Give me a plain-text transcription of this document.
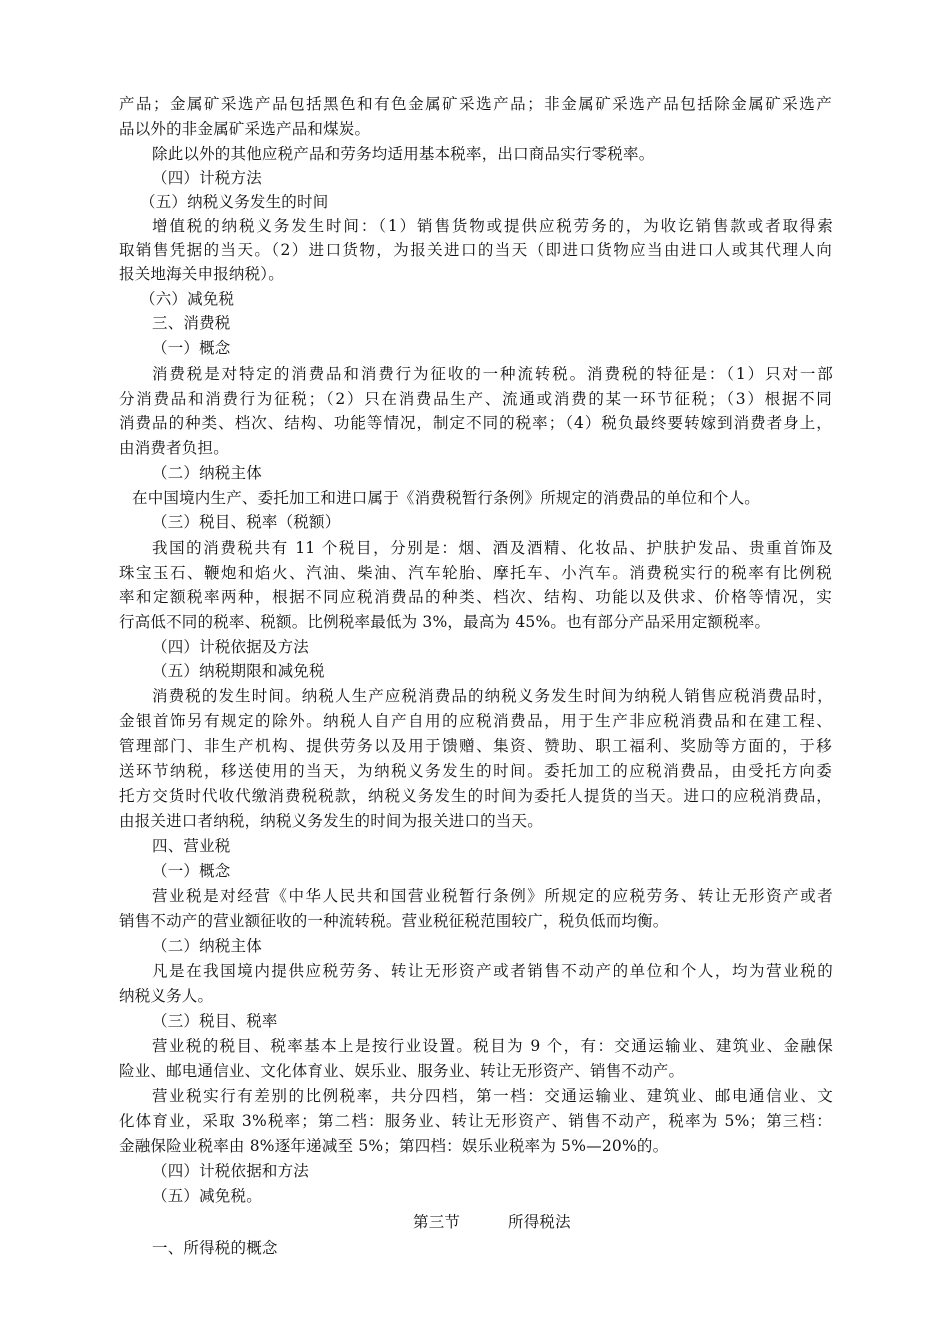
产品；金属矿采选产品包括黑色和有色金属矿采选产品；非金属矿采选产品包括除金属矿采选产
品以外的非金属矿采选产品和煤炭。
除此以外的其他应税产品和劳务均适用基本税率，出口商品实行零税率。
（四）计税方法
（五）纳税义务发生的时间
增值税的纳税义务发生时间：（1）销售货物或提供应税劳务的，为收讫销售款或者取得索
取销售凭据的当天。（2）进口货物，为报关进口的当天（即进口货物应当由进口人或其代理人向
报关地海关申报纳税）。
（六）减免税
三、消费税
（一）概念
消费税是对特定的消费品和消费行为征收的一种流转税。消费税的特征是：（1）只对一部
分消费品和消费行为征税；（2）只在消费品生产、流通或消费的某一环节征税；（3）根据不同
消费品的种类、档次、结构、功能等情况，制定不同的税率；（4）税负最终要转嫁到消费者身上，
由消费者负担。
（二）纳税主体
在中国境内生产、委托加工和进口属于《消费税暂行条例》所规定的消费品的单位和个人。
（三）税目、税率（税额）
我国的消费税共有 11 个税目，分别是：烟、酒及酒精、化妆品、护肤护发品、贵重首饰及
珠宝玉石、鞭炮和焰火、汽油、柴油、汽车轮胎、摩托车、小汽车。消费税实行的税率有比例税
率和定额税率两种，根据不同应税消费品的种类、档次、结构、功能以及供求、价格等情况，实
行高低不同的税率、税额。比例税率最低为 3%，最高为 45%。也有部分产品采用定额税率。
（四）计税依据及方法
（五）纳税期限和减免税
消费税的发生时间。纳税人生产应税消费品的纳税义务发生时间为纳税人销售应税消费品时，
金银首饰另有规定的除外。纳税人自产自用的应税消费品，用于生产非应税消费品和在建工程、
管理部门、非生产机构、提供劳务以及用于馈赠、集资、赞助、职工福利、奖励等方面的，于移
送环节纳税，移送使用的当天，为纳税义务发生的时间。委托加工的应税消费品，由受托方向委
托方交货时代收代缴消费税税款，纳税义务发生的时间为委托人提货的当天。进口的应税消费品，
由报关进口者纳税，纳税义务发生的时间为报关进口的当天。
四、营业税
（一）概念
营业税是对经营《中华人民共和国营业税暂行条例》所规定的应税劳务、转让无形资产或者
销售不动产的营业额征收的一种流转税。营业税征税范围较广，税负低而均衡。
（二）纳税主体
凡是在我国境内提供应税劳务、转让无形资产或者销售不动产的单位和个人，均为营业税的
纳税义务人。
（三）税目、税率
营业税的税目、税率基本上是按行业设置。税目为 9 个，有：交通运输业、建筑业、金融保
险业、邮电通信业、文化体育业、娱乐业、服务业、转让无形资产、销售不动产。
营业税实行有差别的比例税率，共分四档，第一档：交通运输业、建筑业、邮电通信业、文
化体育业，采取 3%税率；第二档：服务业、转让无形资产、销售不动产，税率为 5%；第三档：
金融保险业税率由 8%逐年递减至 5%；第四档：娱乐业税率为 5%—20%的。
（四）计税依据和方法
（五）减免税。
第三节	所得税法
一、所得税的概念
